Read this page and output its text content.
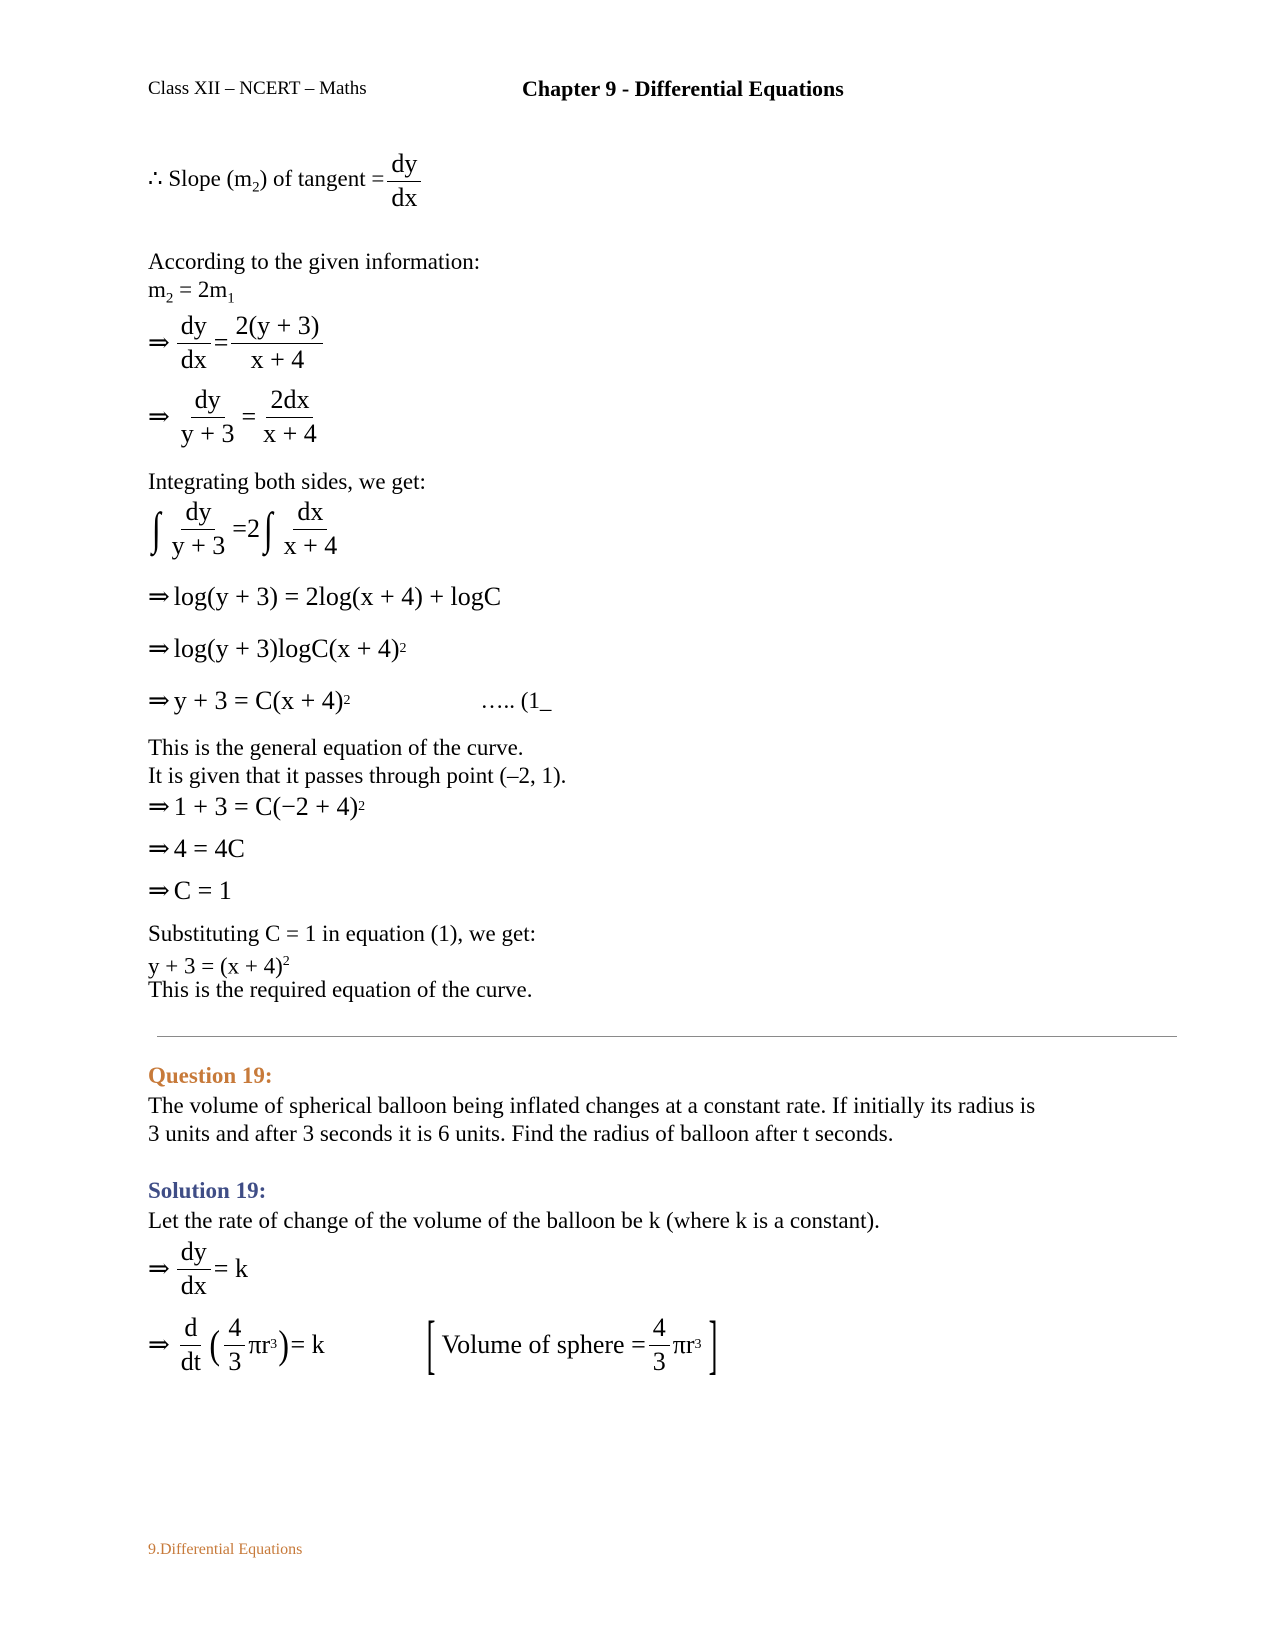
Class XII – NCERT – Maths	Chapter 9 - Differential Equations
∴ Slope $(m_2)$ of tangent = $\frac{dy}{dx}$
According to the given information:
$m_2 = 2m_1$
⇒ $\frac{dy}{dx} = \frac{2(y + 3)}{x + 4}$
⇒ $\frac{dy}{y + 3} = \frac{2dx}{x + 4}$
Integrating both sides, we get:
∫ $\frac{dy}{y + 3} = 2$ ∫ $\frac{dx}{x + 4}$
⇒ log(y + 3) = 2log(x + 4) + logC
⇒ log(y + 3)logC(x + 4) 2
⇒ y + 3 = C(x + 4) 2	….. (1_
This is the general equation of the curve.
It is given that it passes through point (–2, 1).
⇒ 1 + 3 = C(−2 + 4) 2
⇒ 4 = 4C
⇒ C = 1
Substituting C = 1 in equation (1), we get:
$y + 3 = (x + 4)^2$
This is the required equation of the curve.
Question 19:
The volume of spherical balloon being inflated changes at a constant rate. If initially its radius is
3 units and after 3 seconds it is 6 units. Find the radius of balloon after t seconds.
Solution 19:
Let the rate of change of the volume of the balloon be k (where k is a constant).
⇒ $\frac{dy}{dx} = k$
⇒ $\frac{d}{dt}$ ( $\frac{4}{3}$ πr 3 ) = k [ Volume of sphere = $\frac{4}{3}$ πr 3 ]
9.Differential Equations
